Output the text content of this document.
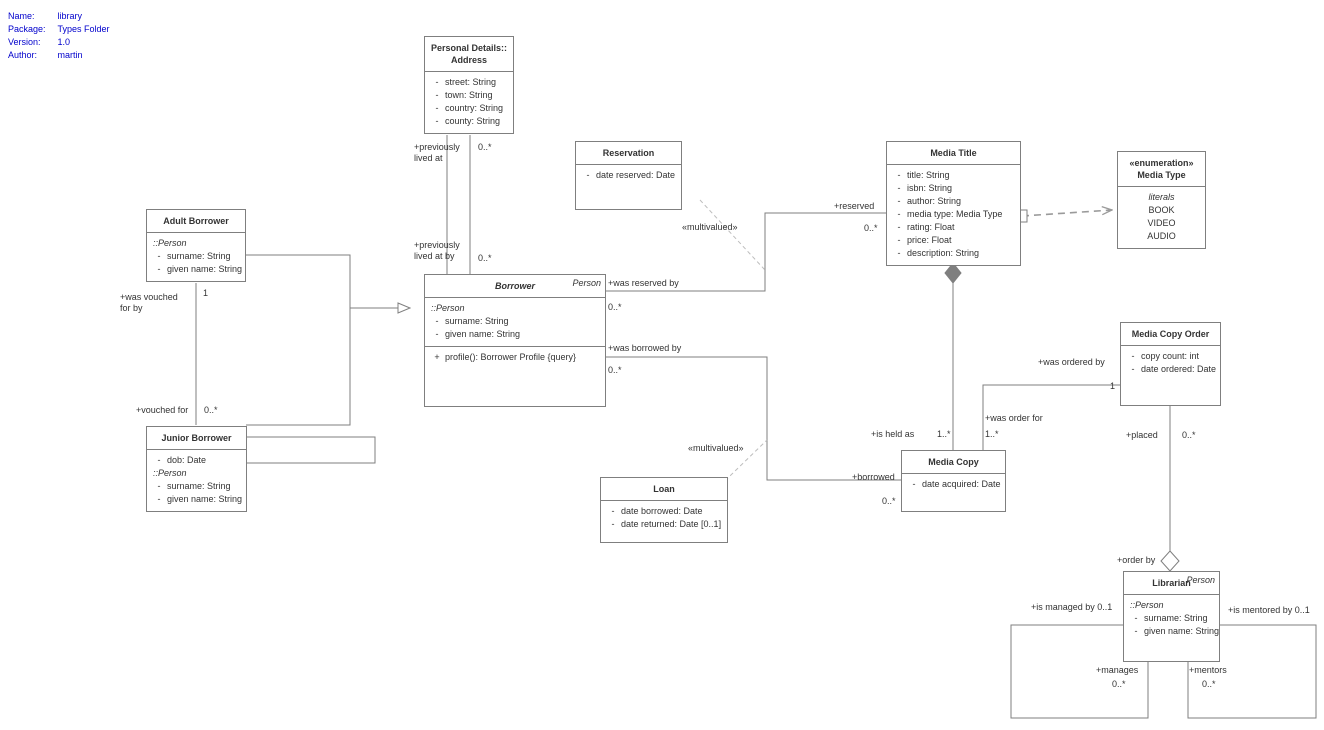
Name:	library
Package:	Types Folder
Version:	1.0
Author:	martin
Personal Details::
Address
- street: String
- town: String
- country: String
- county: String
Reservation
- date reserved: Date
Media Title
- title: String
- isbn: String
- author: String
- media type: Media Type
- rating: Float
- price: Float
- description: String
«enumeration»
Media Type
literals
BOOK
VIDEO
AUDIO
Adult Borrower
::Person
- surname: String
- given name: String
Junior Borrower
- dob: Date
::Person
- surname: String
- given name: String
Person
Borrower
::Person
- surname: String
- given name: String
+ profile(): Borrower Profile {query}
Media Copy Order
- copy count: int
- date ordered: Date
Media Copy
- date acquired: Date
Loan
- date borrowed: Date
- date returned: Date [0..1]
Person
Librarian
::Person
- surname: String
- given name: String
+previously
lived at
0..*
+previously
lived at by	0..*
+was vouched
for by
1
+vouched for 0..*
+was reserved by
0..*
+reserved
0..*
«multivalued»
+was borrowed by
0..*
«multivalued»
+borrowed
0..*
+is held as	1..*
+was ordered by
1
+was order for
1..*	+placed	0..*
+order by
+is managed by 0..1	+is mentored by 0..1
+manages
0..*
+mentors
0..*
